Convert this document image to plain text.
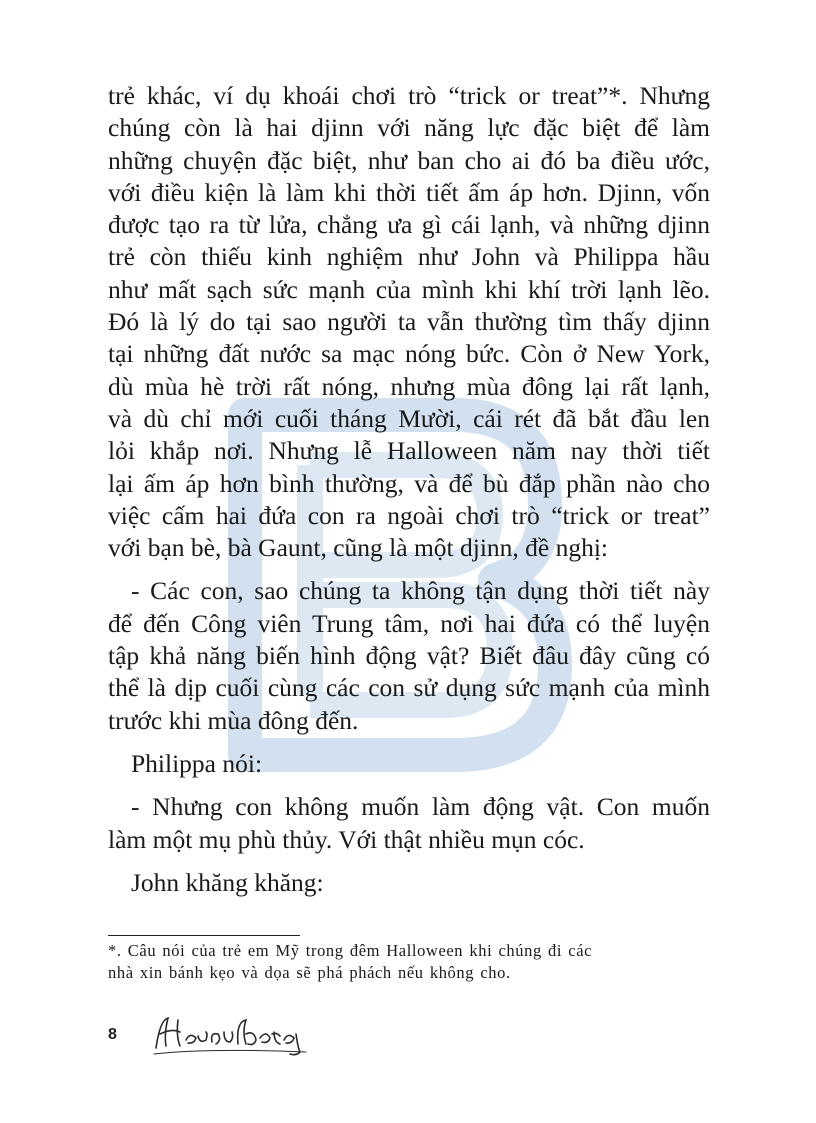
trẻ khác, ví dụ khoái chơi trò “trick or treat”*. Nhưng
chúng còn là hai djinn với năng lực đặc biệt để làm
những chuyện đặc biệt, như ban cho ai đó ba điều ước,
với điều kiện là làm khi thời tiết ấm áp hơn. Djinn, vốn
được tạo ra từ lửa, chẳng ưa gì cái lạnh, và những djinn
trẻ còn thiếu kinh nghiệm như John và Philippa hầu
như mất sạch sức mạnh của mình khi khí trời lạnh lẽo.
Đó là lý do tại sao người ta vẫn thường tìm thấy djinn
tại những đất nước sa mạc nóng bức. Còn ở New York,
dù mùa hè trời rất nóng, nhưng mùa đông lại rất lạnh,
và dù chỉ mới cuối tháng Mười, cái rét đã bắt đầu len
lỏi khắp nơi. Nhưng lễ Halloween năm nay thời tiết
lại ấm áp hơn bình thường, và để bù đắp phần nào cho
việc cấm hai đứa con ra ngoài chơi trò “trick or treat”
với bạn bè, bà Gaunt, cũng là một djinn, đề nghị:
- Các con, sao chúng ta không tận dụng thời tiết này
để đến Công viên Trung tâm, nơi hai đứa có thể luyện
tập khả năng biến hình động vật? Biết đâu đây cũng có
thể là dịp cuối cùng các con sử dụng sức mạnh của mình
trước khi mùa đông đến.
Philippa nói:
- Nhưng con không muốn làm động vật. Con muốn
làm một mụ phù thủy. Với thật nhiều mụn cóc.
John khăng khăng:
*. Câu nói của trẻ em Mỹ trong đêm Halloween khi chúng đi các
nhà xin bánh kẹo và dọa sẽ phá phách nếu không cho.
8
